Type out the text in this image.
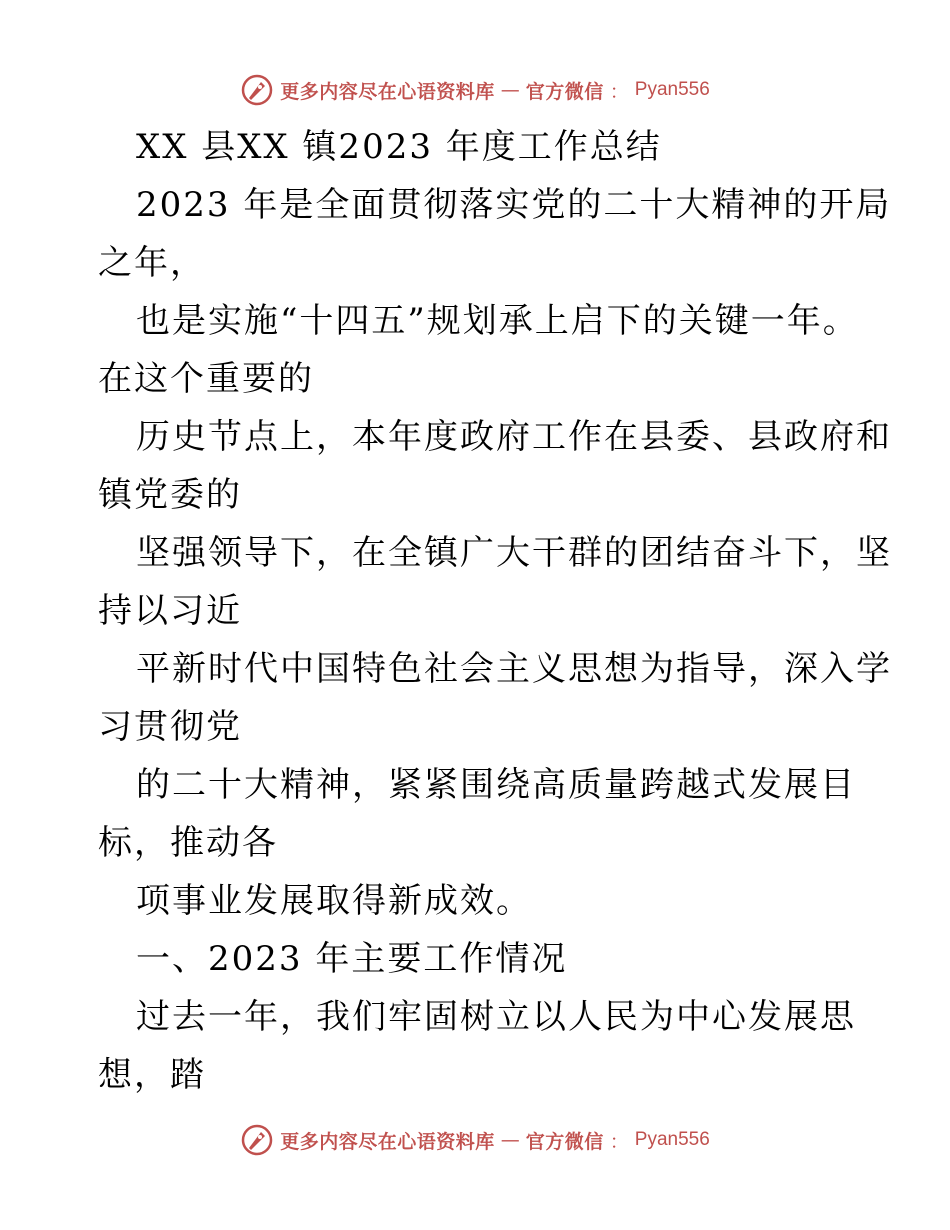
更多内容尽在心语资料库 — 官方微信 ： Pyan556
XX 县XX 镇2023 年度工作总结
2023 年是全面贯彻落实党的二十大精神的开局
之年，
也是实施“十四五”规划承上启下的关键一年。
在这个重要的
历史节点上，本年度政府工作在县委、县政府和
镇党委的
坚强领导下，在全镇广大干群的团结奋斗下，坚
持以习近
平新时代中国特色社会主义思想为指导，深入学
习贯彻党
的二十大精神，紧紧围绕高质量跨越式发展目
标，推动各
项事业发展取得新成效。
一、2023 年主要工作情况
过去一年，我们牢固树立以人民为中心发展思
想，踏
更多内容尽在心语资料库 — 官方微信 ： Pyan556
